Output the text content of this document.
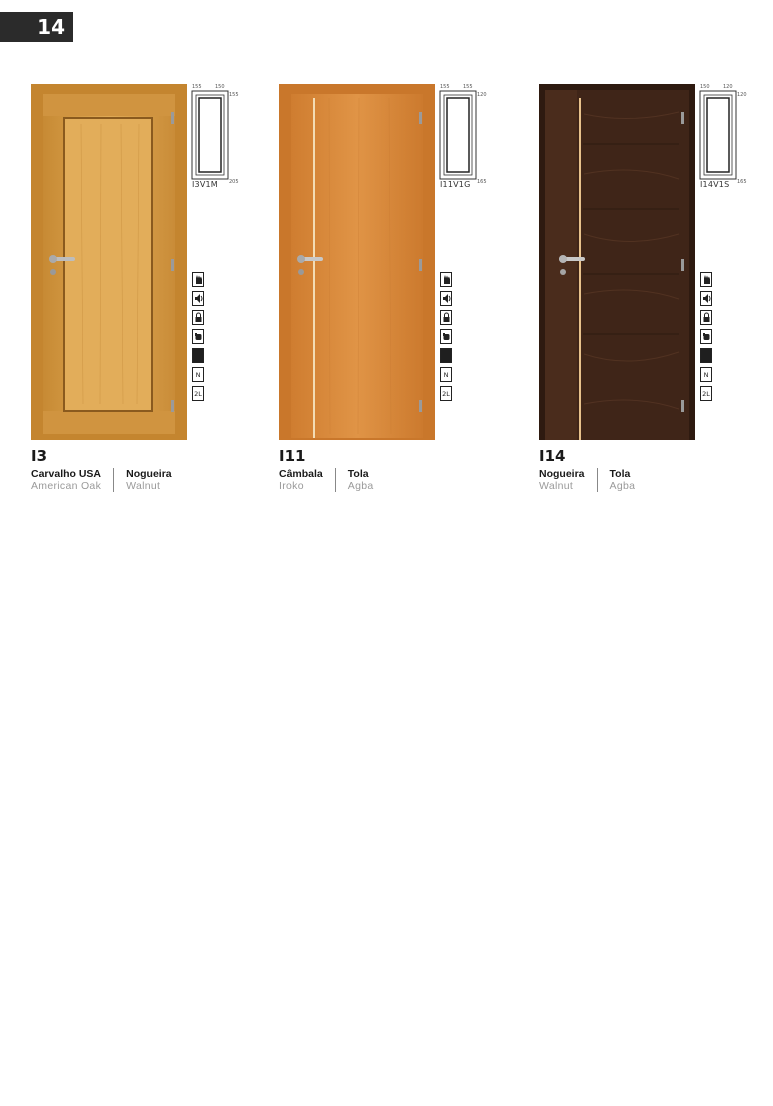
14
155	150
155
205
I3V1M
N
2L
I3
Carvalho USA
American Oak
Nogueira
Walnut
155	155
120
165
I11V1G
N
2L
I11
Câmbala
Iroko
Tola
Agba
150	120
120
165
I14V1S
N
2L
I14
Nogueira
Walnut
Tola
Agba
